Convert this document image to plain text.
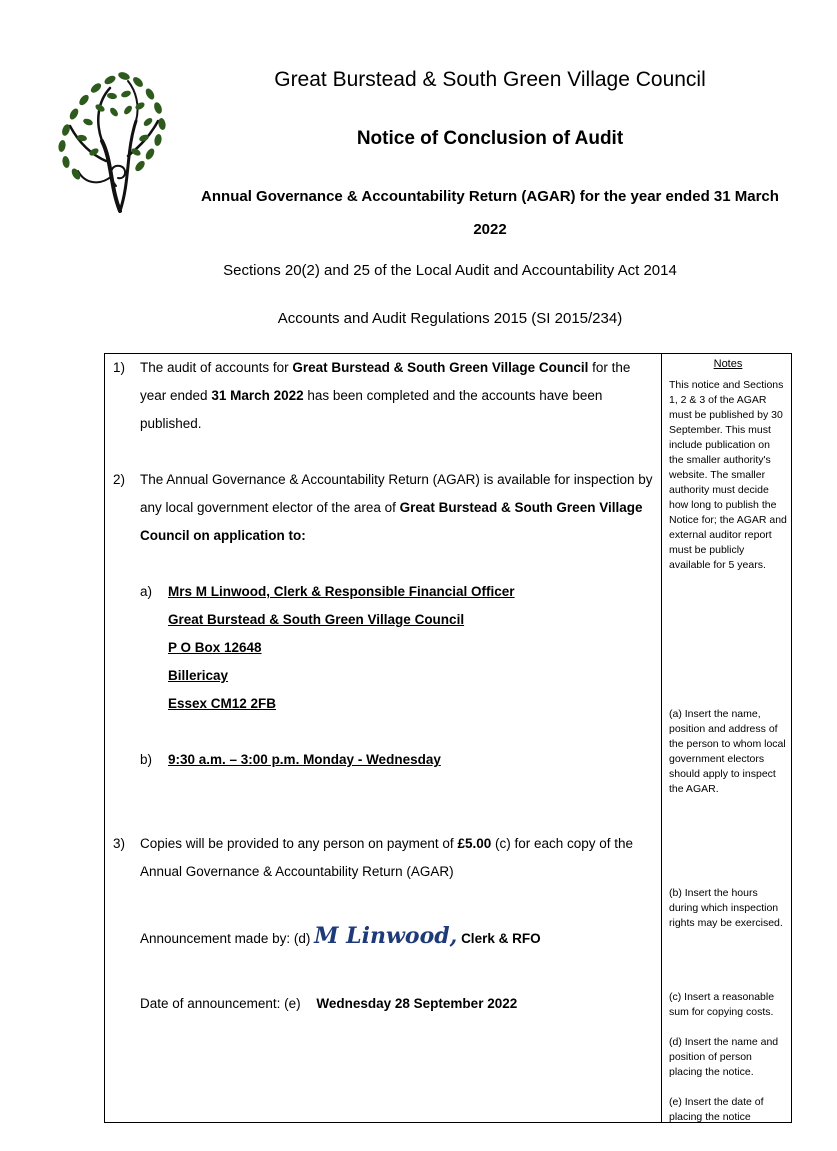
Great Burstead & South Green Village Council
Notice of Conclusion of Audit
Annual Governance & Accountability Return (AGAR) for the year ended 31 March 2022
Sections 20(2) and 25 of the Local Audit and Accountability Act 2014
Accounts and Audit Regulations 2015 (SI 2015/234)
1) The audit of accounts for Great Burstead & South Green Village Council for the year ended 31 March 2022 has been completed and the accounts have been published.
2) The Annual Governance & Accountability Return (AGAR) is available for inspection by any local government elector of the area of Great Burstead & South Green Village Council on application to:
a) Mrs M Linwood, Clerk & Responsible Financial Officer
Great Burstead & South Green Village Council
P O Box 12648
Billericay
Essex CM12 2FB
b) 9:30 a.m. – 3:00 p.m. Monday - Wednesday
3) Copies will be provided to any person on payment of £5.00 (c) for each copy of the Annual Governance & Accountability Return (AGAR)
Announcement made by: (d) M Linwood, Clerk & RFO
Date of announcement: (e) Wednesday 28 September 2022
Notes
This notice and Sections 1, 2 & 3 of the AGAR must be published by 30 September. This must include publication on the smaller authority's website. The smaller authority must decide how long to publish the Notice for; the AGAR and external auditor report must be publicly available for 5 years.
(a) Insert the name, position and address of the person to whom local government electors should apply to inspect the AGAR.
(b) Insert the hours during which inspection rights may be exercised.
(c) Insert a reasonable sum for copying costs.
(d) Insert the name and position of person placing the notice.
(e) Insert the date of placing the notice
